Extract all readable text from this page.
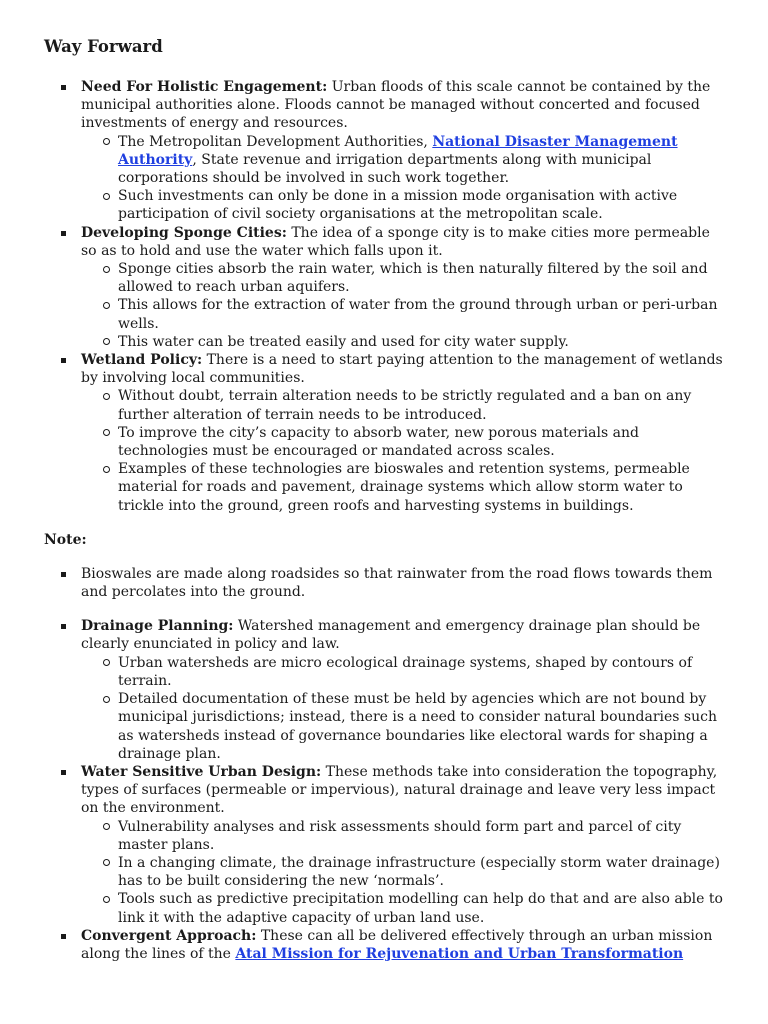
Way Forward
Need For Holistic Engagement: Urban floods of this scale cannot be contained by the municipal authorities alone. Floods cannot be managed without concerted and focused investments of energy and resources.
The Metropolitan Development Authorities, National Disaster Management Authority, State revenue and irrigation departments along with municipal corporations should be involved in such work together.
Such investments can only be done in a mission mode organisation with active participation of civil society organisations at the metropolitan scale.
Developing Sponge Cities: The idea of a sponge city is to make cities more permeable so as to hold and use the water which falls upon it.
Sponge cities absorb the rain water, which is then naturally filtered by the soil and allowed to reach urban aquifers.
This allows for the extraction of water from the ground through urban or peri-urban wells.
This water can be treated easily and used for city water supply.
Wetland Policy: There is a need to start paying attention to the management of wetlands by involving local communities.
Without doubt, terrain alteration needs to be strictly regulated and a ban on any further alteration of terrain needs to be introduced.
To improve the city’s capacity to absorb water, new porous materials and technologies must be encouraged or mandated across scales.
Examples of these technologies are bioswales and retention systems, permeable material for roads and pavement, drainage systems which allow storm water to trickle into the ground, green roofs and harvesting systems in buildings.
Note:
Bioswales are made along roadsides so that rainwater from the road flows towards them and percolates into the ground.
Drainage Planning: Watershed management and emergency drainage plan should be clearly enunciated in policy and law.
Urban watersheds are micro ecological drainage systems, shaped by contours of terrain.
Detailed documentation of these must be held by agencies which are not bound by municipal jurisdictions; instead, there is a need to consider natural boundaries such as watersheds instead of governance boundaries like electoral wards for shaping a drainage plan.
Water Sensitive Urban Design: These methods take into consideration the topography, types of surfaces (permeable or impervious), natural drainage and leave very less impact on the environment.
Vulnerability analyses and risk assessments should form part and parcel of city master plans.
In a changing climate, the drainage infrastructure (especially storm water drainage) has to be built considering the new ‘normals’.
Tools such as predictive precipitation modelling can help do that and are also able to link it with the adaptive capacity of urban land use.
Convergent Approach: These can all be delivered effectively through an urban mission along the lines of the Atal Mission for Rejuvenation and Urban Transformation
